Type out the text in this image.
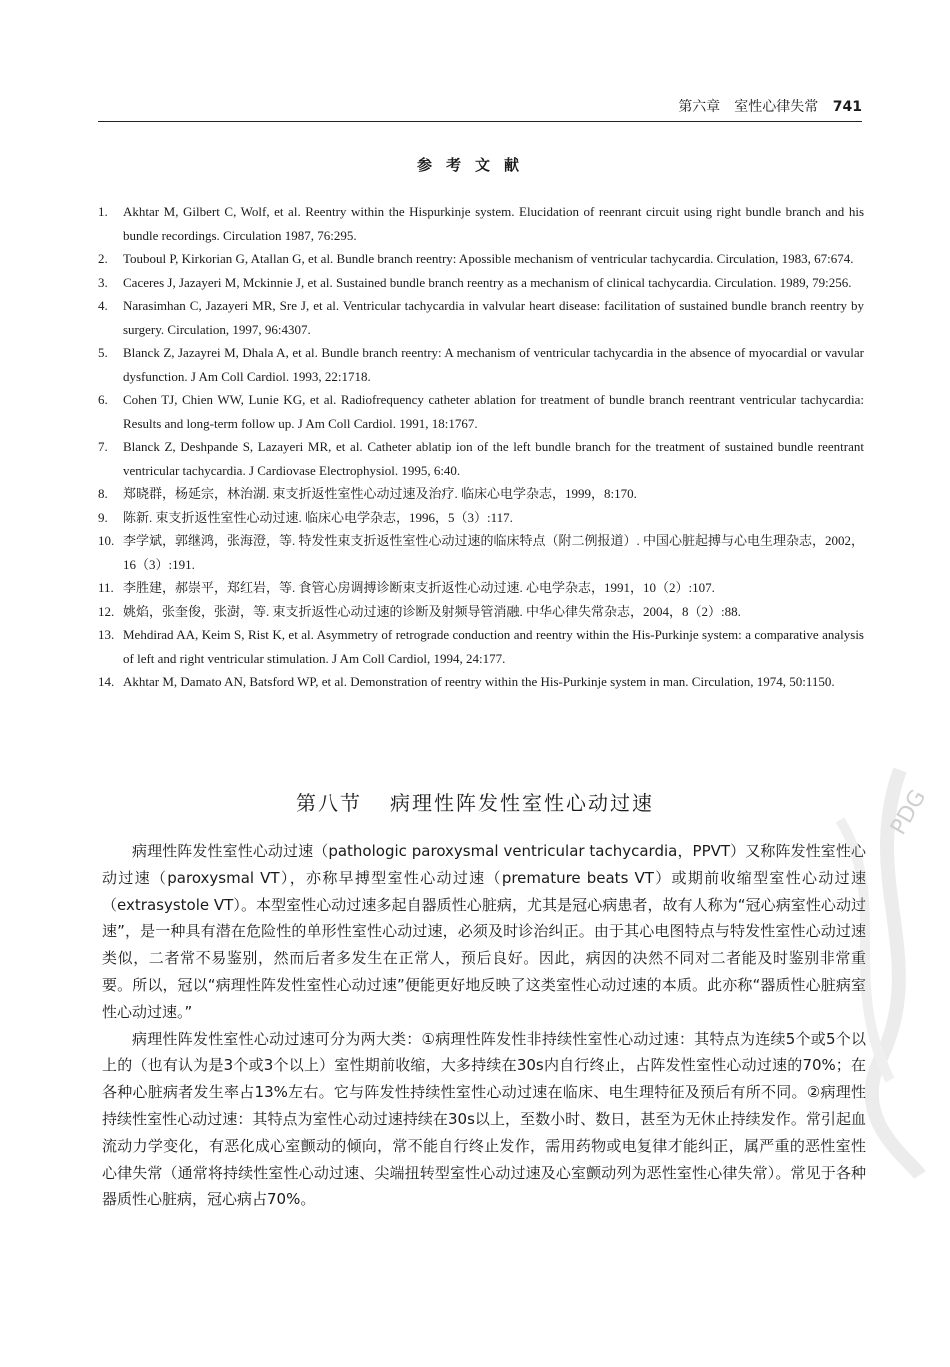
第六章　室性心律失常 741
参考文献
1.	Akhtar M, Gilbert C, Wolf, et al. Reentry within the Hispurkinje system. Elucidation of reenrant circuit using right bundle branch and his bundle recordings. Circulation 1987, 76:295.
2.	Touboul P, Kirkorian G, Atallan G, et al. Bundle branch reentry: Apossible mechanism of ventricular tachycardia. Circulation, 1983, 67:674.
3.	Caceres J, Jazayeri M, Mckinnie J, et al. Sustained bundle branch reentry as a mechanism of clinical tachycardia. Circulation. 1989, 79:256.
4.	Narasimhan C, Jazayeri MR, Sre J, et al. Ventricular tachycardia in valvular heart disease: facilitation of sustained bundle branch reentry by surgery. Circulation, 1997, 96:4307.
5.	Blanck Z, Jazayrei M, Dhala A, et al. Bundle branch reentry: A mechanism of ventricular tachycardia in the absence of myocardial or vavular dysfunction. J Am Coll Cardiol. 1993, 22:1718.
6.	Cohen TJ, Chien WW, Lunie KG, et al. Radiofrequency catheter ablation for treatment of bundle branch reentrant ventricular tachycardia: Results and long-term follow up. J Am Coll Cardiol. 1991, 18:1767.
7.	Blanck Z, Deshpande S, Lazayeri MR, et al. Catheter ablatip ion of the left bundle branch for the treatment of sustained bundle reentrant ventricular tachycardia. J Cardiovase Electrophysiol. 1995, 6:40.
8.	郑晓群，杨延宗，林治湖. 束支折返性室性心动过速及治疗. 临床心电学杂志，1999，8:170.
9.	陈新. 束支折返性室性心动过速. 临床心电学杂志，1996，5（3）:117.
10. 李学斌，郭继鸿，张海澄，等. 特发性束支折返性室性心动过速的临床特点（附二例报道）. 中国心脏起搏与心电生理杂志，2002，16（3）:191.
11. 李胜建，郝崇平，郑红岩，等. 食管心房调搏诊断束支折返性心动过速. 心电学杂志，1991，10（2）:107.
12. 姚焰，张奎俊，张澍，等. 束支折返性心动过速的诊断及射频导管消融. 中华心律失常杂志，2004，8（2）:88.
13. Mehdirad AA, Keim S, Rist K, et al. Asymmetry of retrograde conduction and reentry within the His-Purkinje system: a comparative analysis of left and right ventricular stimulation. J Am Coll Cardiol, 1994, 24:177.
14. Akhtar M, Damato AN, Batsford WP, et al. Demonstration of reentry within the His-Purkinje system in man. Circulation, 1974, 50:1150.
第八节 病理性阵发性室性心动过速

病理性阵发性室性心动过速（pathologic paroxysmal ventricular tachycardia，PPVT）又称阵发性室性心动过速（paroxysmal VT），亦称早搏型室性心动过速（premature beats VT）或期前收缩型室性心动过速（extrasystole VT）。本型室性心动过速多起自器质性心脏病，尤其是冠心病患者，故有人称为“冠心病室性心动过速”，是一种具有潜在危险性的单形性室性心动过速，必须及时诊治纠正。由于其心电图特点与特发性室性心动过速类似，二者常不易鉴别，然而后者多发生在正常人，预后良好。因此，病因的决然不同对二者能及时鉴别非常重要。所以，冠以“病理性阵发性室性心动过速”便能更好地反映了这类室性心动过速的本质。此亦称“器质性心脏病室性心动过速。”

病理性阵发性室性心动过速可分为两大类：①病理性阵发性非持续性室性心动过速：其特点为连续5个或5个以上的（也有认为是3个或3个以上）室性期前收缩，大多持续在30s内自行终止，占阵发性室性心动过速的70%；在各种心脏病者发生率占13%左右。它与阵发性持续性室性心动过速在临床、电生理特征及预后有所不同。②病理性持续性室性心动过速：其特点为室性心动过速持续在30s以上，至数小时、数日，甚至为无休止持续发作。常引起血流动力学变化，有恶化成心室颤动的倾向，常不能自行终止发作，需用药物或电复律才能纠正，属严重的恶性室性心律失常（通常将持续性室性心动过速、尖端扭转型室性心动过速及心室颤动列为恶性室性心律失常）。常见于各种器质性心脏病，冠心病占70%。

PDG
